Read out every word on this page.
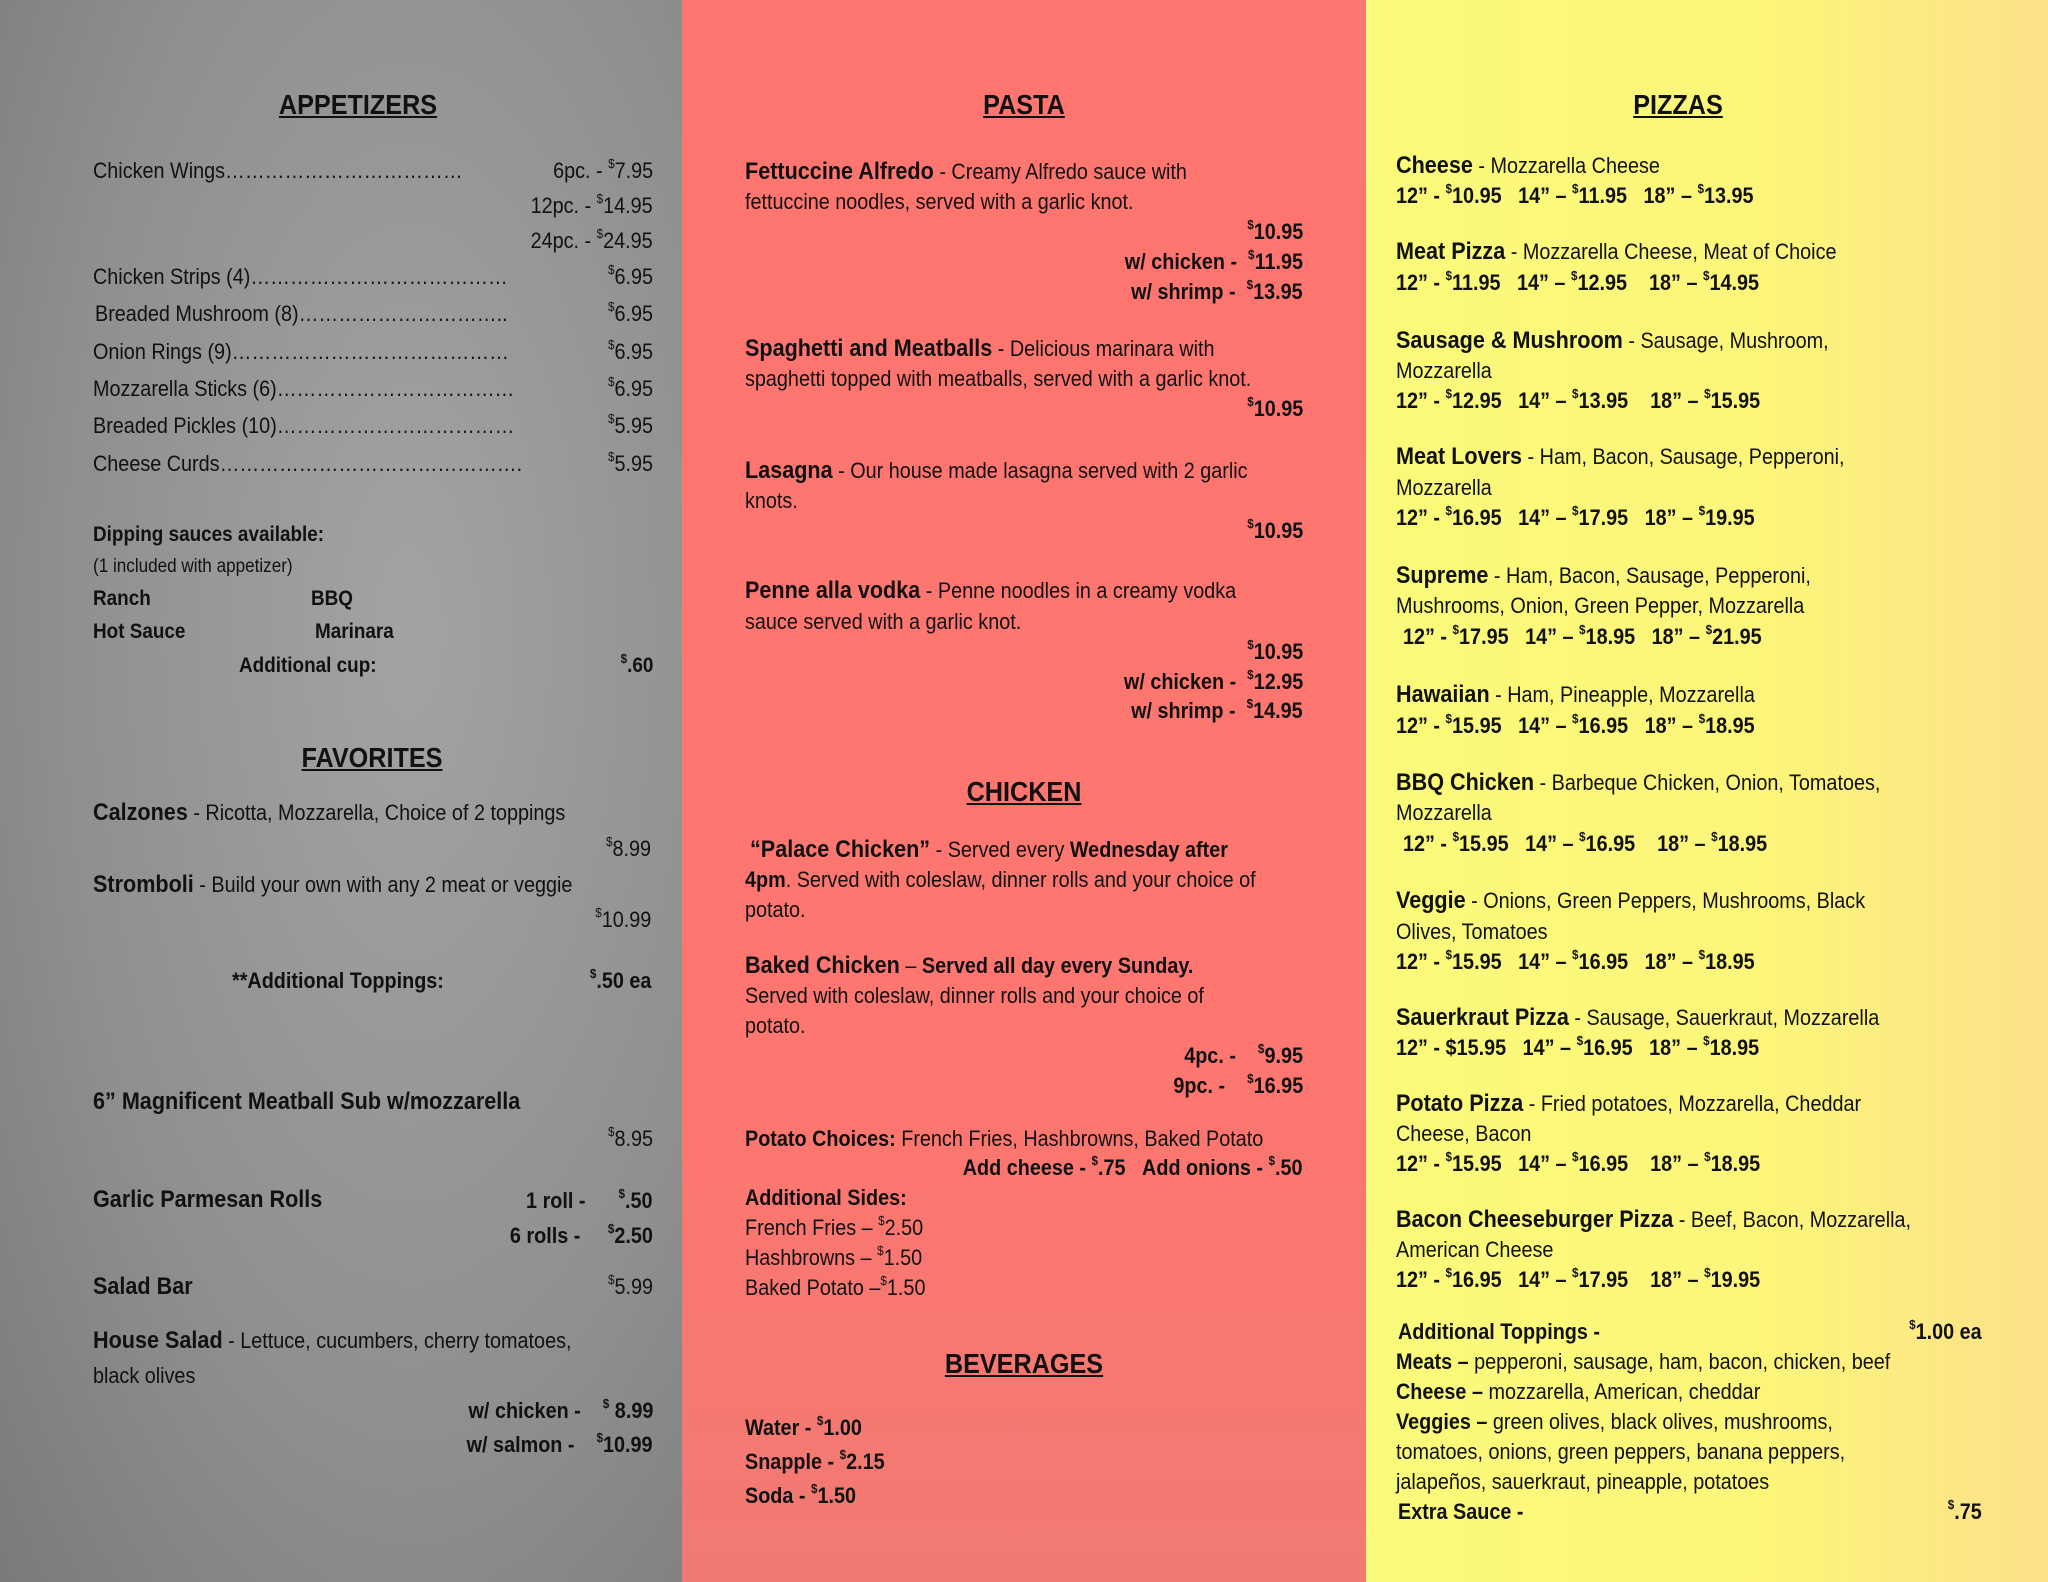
APPETIZERS
Chicken Wings………………………………	6pc. - $7.95
12pc. - $14.95
24pc. - $24.95
Chicken Strips (4)…………………………………	$6.95
Breaded Mushroom (8)…………………………..	$6.95
Onion Rings (9)……………………………………	$6.95
Mozzarella Sticks (6)………………………………	$6.95
Breaded Pickles (10)………………………………	$5.95
Cheese Curds……………………………………….	$5.95
Dipping sauces available:
(1 included with appetizer)
Ranch	BBQ
Hot Sauce	Marinara
Additional cup:	$.60
FAVORITES
Calzones - Ricotta, Mozzarella, Choice of 2 toppings
$8.99
Stromboli - Build your own with any 2 meat or veggie
$10.99
**Additional Toppings:	$.50 ea
6” Magnificent Meatball Sub w/mozzarella
$8.95
Garlic Parmesan Rolls	1 roll -      $.50
6 rolls -     $2.50
Salad Bar	$5.99
House Salad - Lettuce, cucumbers, cherry tomatoes,
black olives
w/ chicken -    $ 8.99
w/ salmon -    $10.99
PASTA
Fettuccine Alfredo - Creamy Alfredo sauce with
fettuccine noodles, served with a garlic knot.
$10.95
w/ chicken -  $11.95
w/ shrimp -  $13.95
Spaghetti and Meatballs - Delicious marinara with
spaghetti topped with meatballs, served with a garlic knot.
$10.95
Lasagna - Our house made lasagna served with 2 garlic
knots.
$10.95
Penne alla vodka - Penne noodles in a creamy vodka
sauce served with a garlic knot.
$10.95
w/ chicken -  $12.95
w/ shrimp -  $14.95
CHICKEN
“Palace Chicken” - Served every Wednesday after
4pm. Served with coleslaw, dinner rolls and your choice of
potato.
Baked Chicken – Served all day every Sunday.
Served with coleslaw, dinner rolls and your choice of
potato.
4pc. -    $9.95
9pc. -    $16.95
Potato Choices: French Fries, Hashbrowns, Baked Potato
Add cheese - $.75 Add onions - $.50
Additional Sides:
French Fries – $2.50
Hashbrowns – $1.50
Baked Potato –$1.50
BEVERAGES
Water - $1.00
Snapple - $2.15
Soda - $1.50
PIZZAS
Cheese - Mozzarella Cheese
12” - $10.95 14” – $11.95 18” – $13.95
Meat Pizza - Mozzarella Cheese, Meat of Choice
12” - $11.95 14” – $12.95 18” – $14.95
Sausage & Mushroom - Sausage, Mushroom,
Mozzarella
12” - $12.95 14” – $13.95 18” – $15.95
Meat Lovers - Ham, Bacon, Sausage, Pepperoni,
Mozzarella
12” - $16.95 14” – $17.95 18” – $19.95
Supreme - Ham, Bacon, Sausage, Pepperoni,
Mushrooms, Onion, Green Pepper, Mozzarella
12” - $17.95 14” – $18.95 18” – $21.95
Hawaiian - Ham, Pineapple, Mozzarella
12” - $15.95 14” – $16.95 18” – $18.95
BBQ Chicken - Barbeque Chicken, Onion, Tomatoes,
Mozzarella
12” - $15.95 14” – $16.95 18” – $18.95
Veggie - Onions, Green Peppers, Mushrooms, Black
Olives, Tomatoes
12” - $15.95 14” – $16.95 18” – $18.95
Sauerkraut Pizza - Sausage, Sauerkraut, Mozzarella
12” - $15.95 14” – $16.95 18” – $18.95
Potato Pizza - Fried potatoes, Mozzarella, Cheddar
Cheese, Bacon
12” - $15.95 14” – $16.95 18” – $18.95
Bacon Cheeseburger Pizza - Beef, Bacon, Mozzarella,
American Cheese
12” - $16.95 14” – $17.95 18” – $19.95
Additional Toppings -	$1.00 ea
Meats – pepperoni, sausage, ham, bacon, chicken, beef
Cheese – mozzarella, American, cheddar
Veggies – green olives, black olives, mushrooms,
tomatoes, onions, green peppers, banana peppers,
jalapeños, sauerkraut, pineapple, potatoes
Extra Sauce -	$.75
